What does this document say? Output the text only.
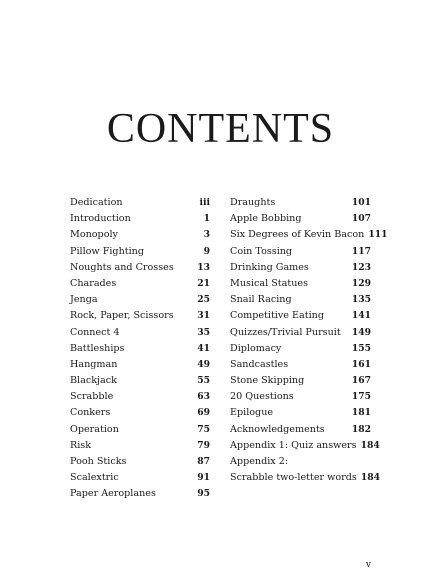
CONTENTS
Dedication	iii
Introduction	1
Monopoly	3
Pillow Fighting	9
Noughts and Crosses	13
Charades	21
Jenga	25
Rock, Paper, Scissors	31
Connect 4	35
Battleships	41
Hangman	49
Blackjack	55
Scrabble	63
Conkers	69
Operation	75
Risk	79
Pooh Sticks	87
Scalextric	91
Paper Aeroplanes	95
Draughts	101
Apple Bobbing	107
Six Degrees of Kevin Bacon 111
Coin Tossing	117
Drinking Games	123
Musical Statues	129
Snail Racing	135
Competitive Eating	141
Quizzes/Trivial Pursuit	149
Diplomacy	155
Sandcastles	161
Stone Skipping	167
20 Questions	175
Epilogue	181
Acknowledgements	182
Appendix 1: Quiz answers 184
Appendix 2:
Scrabble two-letter words 184
v
